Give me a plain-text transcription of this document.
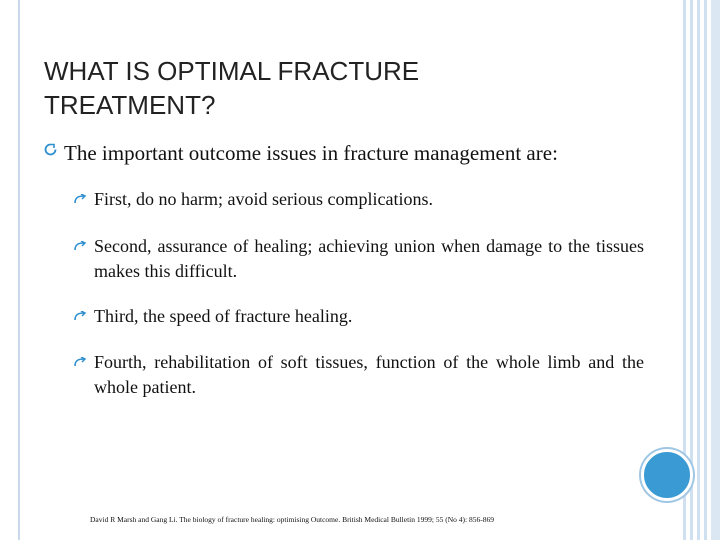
WHAT IS OPTIMAL FRACTURE
TREATMENT?
The important outcome issues in fracture management are:
First, do no harm; avoid serious complications.
Second, assurance of healing; achieving union when damage to the tissues makes this difficult.
Third, the speed of fracture healing.
Fourth, rehabilitation of soft tissues, function of the whole limb and the whole patient.

David R Marsh and Gang Li. The biology of fracture healing: optimising Outcome. British Medical Bulletin 1999; 55 (No 4): 856-869
